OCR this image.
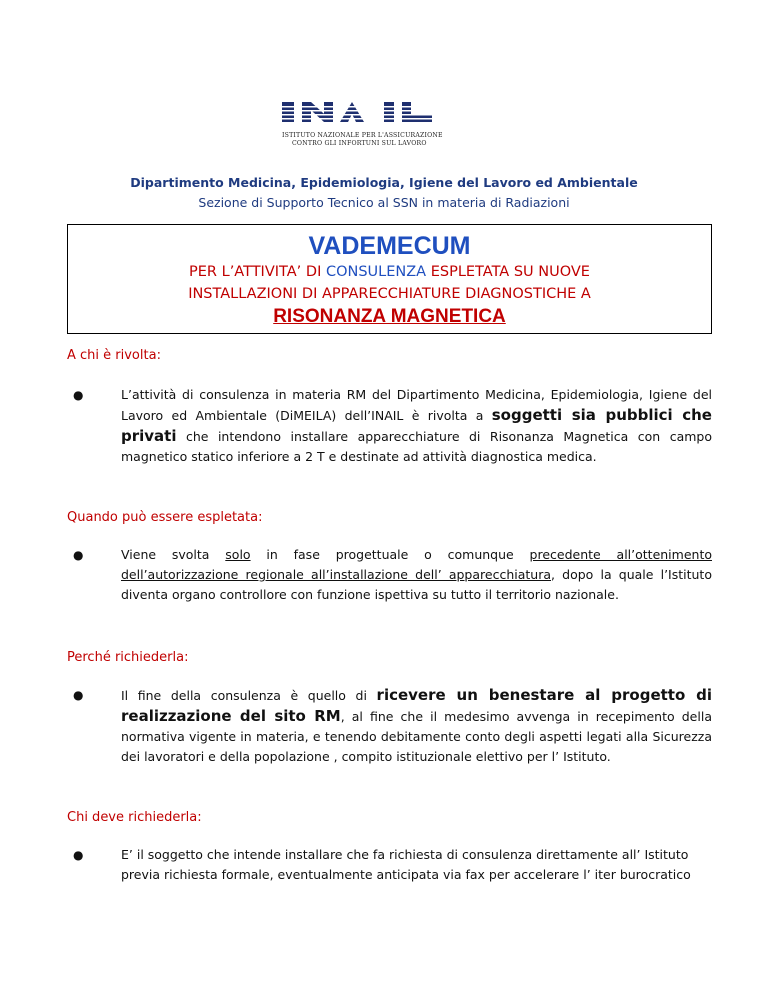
ISTITUTO NAZIONALE PER L'ASSICURAZIONE
CONTRO GLI INFORTUNI SUL LAVORO
Dipartimento Medicina, Epidemiologia, Igiene del Lavoro ed Ambientale
Sezione di Supporto Tecnico al SSN in materia di Radiazioni
VADEMECUM
PER L’ATTIVITA’ DI CONSULENZA ESPLETATA SU NUOVE
INSTALLAZIONI DI APPARECCHIATURE DIAGNOSTICHE A
RISONANZA MAGNETICA
A chi è rivolta:
●	L’attività di consulenza in materia RM del Dipartimento Medicina, Epidemiologia, Igiene del Lavoro ed Ambientale (DiMEILA) dell’INAIL è rivolta a soggetti sia pubblici che privati che intendono installare apparecchiature di Risonanza Magnetica con campo magnetico statico inferiore a 2 T e destinate ad attività diagnostica medica.
Quando può essere espletata:
●	Viene svolta solo in fase progettuale o comunque precedente all’ottenimento dell’autorizzazione regionale all’installazione dell’ apparecchiatura, dopo la quale l’Istituto diventa organo controllore con funzione ispettiva su tutto il territorio nazionale.
Perché richiederla:
●	Il fine della consulenza è quello di ricevere un benestare al progetto di realizzazione del sito RM, al fine che il medesimo avvenga in recepimento della normativa vigente in materia, e tenendo debitamente conto degli aspetti legati alla Sicurezza dei lavoratori e della popolazione , compito istituzionale elettivo per l’ Istituto.
Chi deve richiederla:
●	E’ il soggetto che intende installare che fa richiesta di consulenza direttamente all’ Istituto previa richiesta formale, eventualmente anticipata via fax per accelerare l’ iter burocratico
